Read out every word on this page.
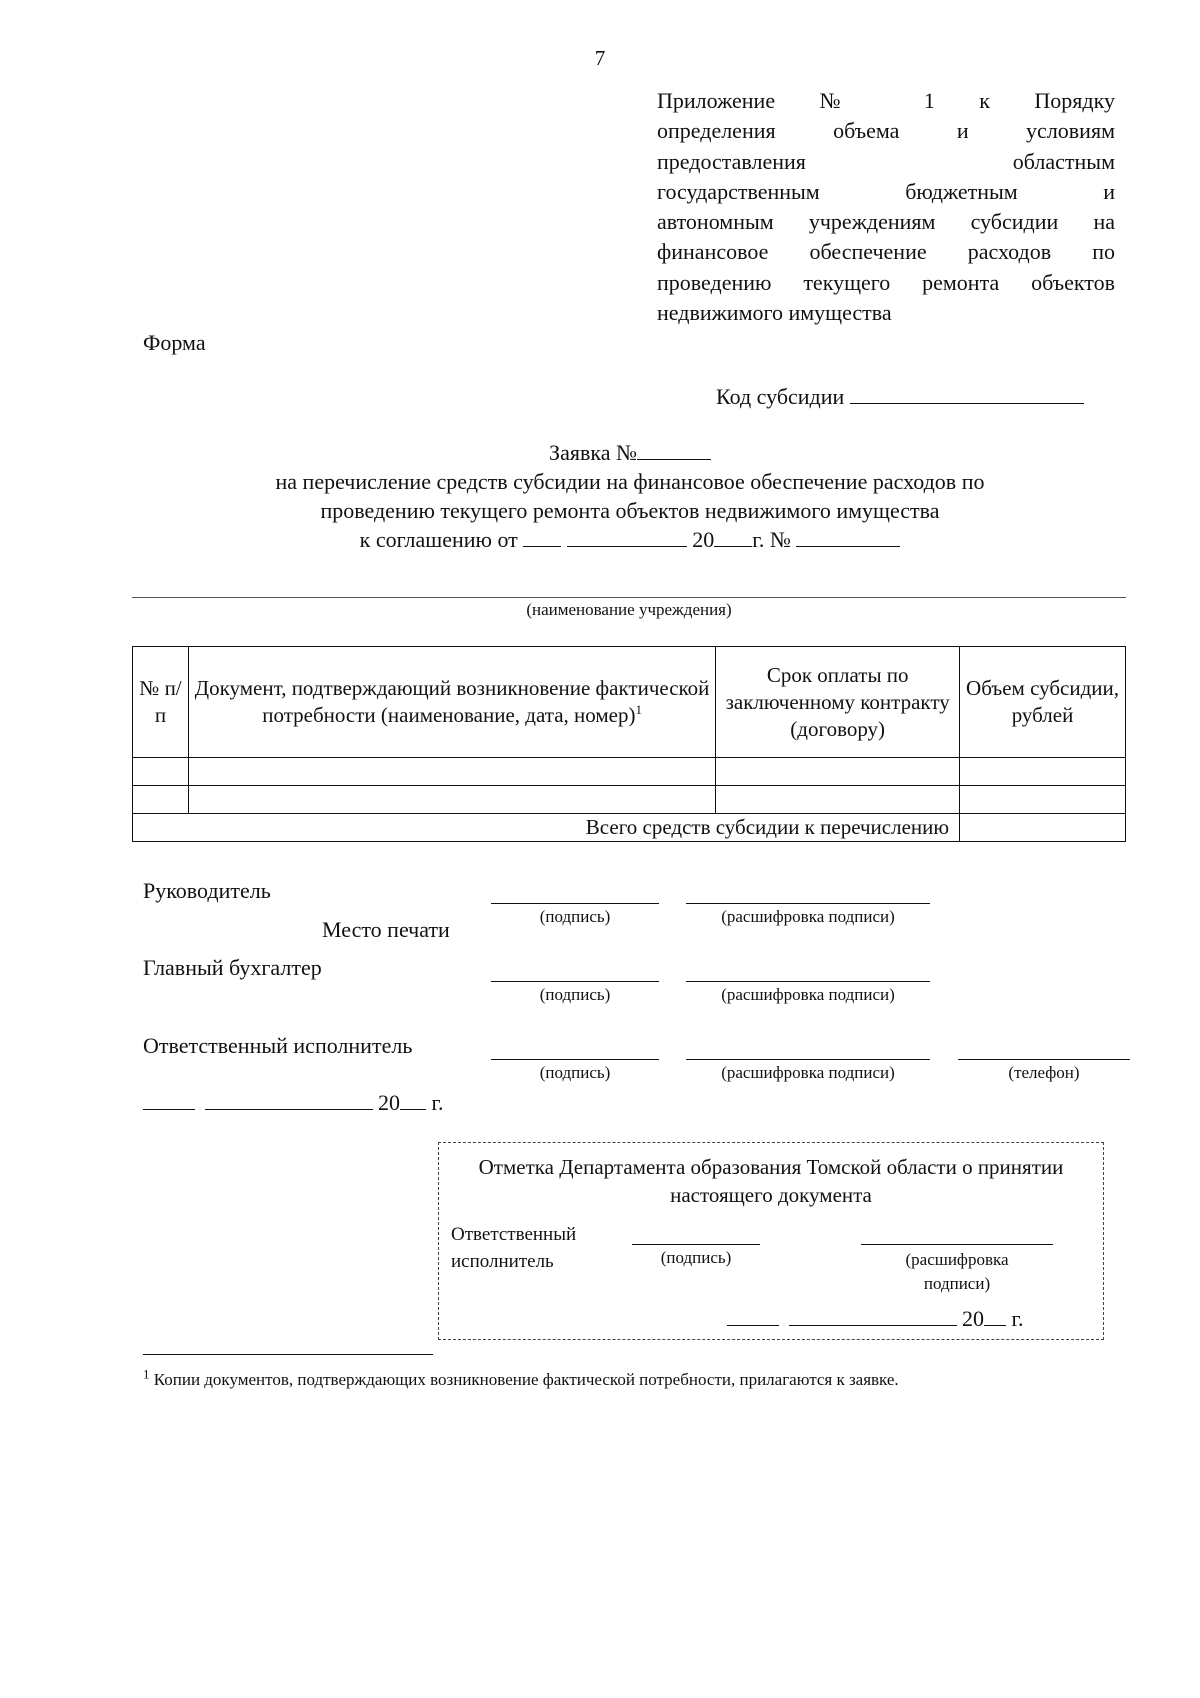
7
Приложение № 1 к Порядку
определения объема и условиям
предоставления областным
государственным бюджетным и
автономным учреждениям субсидии на
финансовое обеспечение расходов по
проведению текущего ремонта объектов
недвижимого имущества
Форма
Код субсидии
Заявка №
на перечисление средств субсидии на финансовое обеспечение расходов по
проведению текущего ремонта объектов недвижимого имущества
к соглашению от	20 г. №
(наименование учреждения)
№ п/п	Документ, подтверждающий возникновение фактической потребности (наименование, дата, номер)$^1$	Срок оплаты по заключенному контракту (договору)	Объем субсидии, рублей

Всего средств субсидии к перечислению			
Руководитель
(подпись)	(расшифровка подписи)
Место печати
Главный бухгалтер
(подпись)	(расшифровка подписи)
Ответственный исполнитель
(подпись)	(расшифровка подписи)	(телефон)
20 г.
Отметка Департамента образования Томской области о принятии настоящего документа
Ответственный
исполнитель	(подпись)	(расшифровка
подписи)
20 г.
$^1$ Копии документов, подтверждающих возникновение фактической потребности, прилагаются к заявке.
